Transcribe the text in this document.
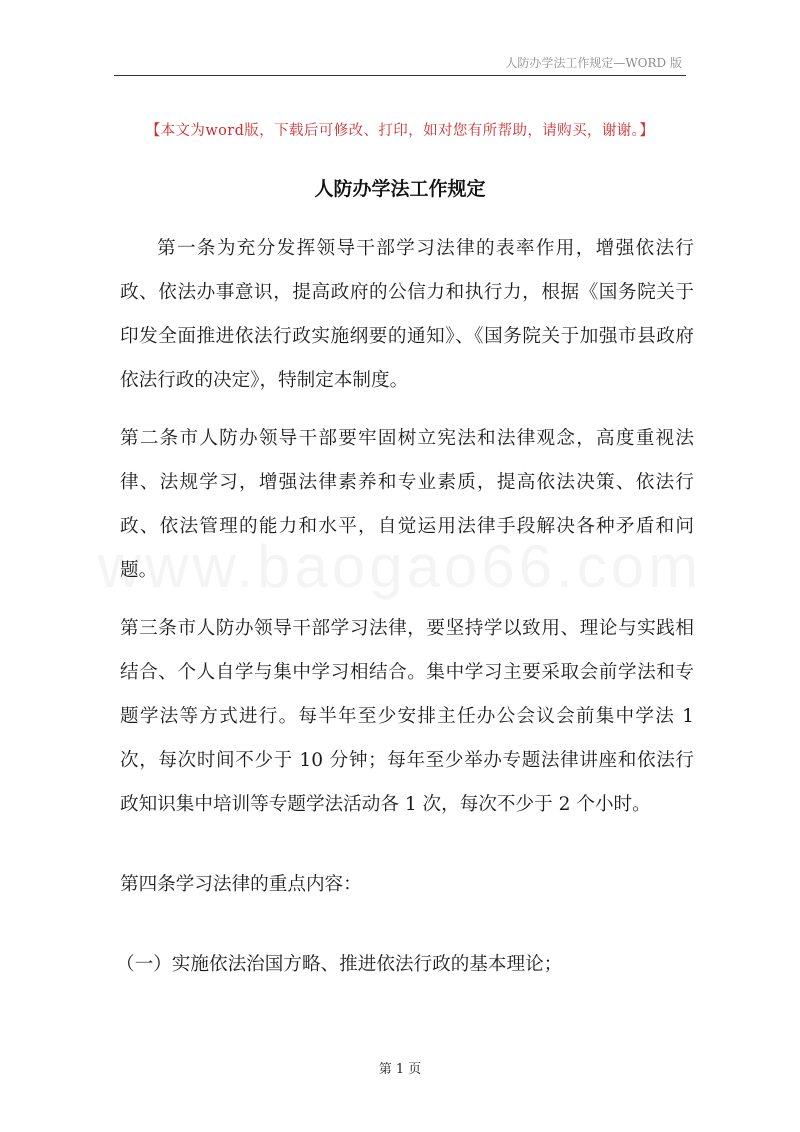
人防办学法工作规定—WORD 版
【本文为word版，下载后可修改、打印，如对您有所帮助，请购买，谢谢。】
人防办学法工作规定

第一条为充分发挥领导干部学习法律的表率作用，增强依法行政、依法办事意识，提高政府的公信力和执行力，根据《国务院关于印发全面推进依法行政实施纲要的通知》、《国务院关于加强市县政府依法行政的决定》，特制定本制度。

第二条市人防办领导干部要牢固树立宪法和法律观念，高度重视法律、法规学习，增强法律素养和专业素质，提高依法决策、依法行政、依法管理的能力和水平，自觉运用法律手段解决各种矛盾和问题。

第三条市人防办领导干部学习法律，要坚持学以致用、理论与实践相结合、个人自学与集中学习相结合。集中学习主要采取会前学法和专题学法等方式进行。每半年至少安排主任办公会议会前集中学法 1 次，每次时间不少于 10 分钟；每年至少举办专题法律讲座和依法行政知识集中培训等专题学法活动各 1 次，每次不少于 2 个小时。

第四条学习法律的重点内容：

（一）实施依法治国方略、推进依法行政的基本理论；

第 1 页
